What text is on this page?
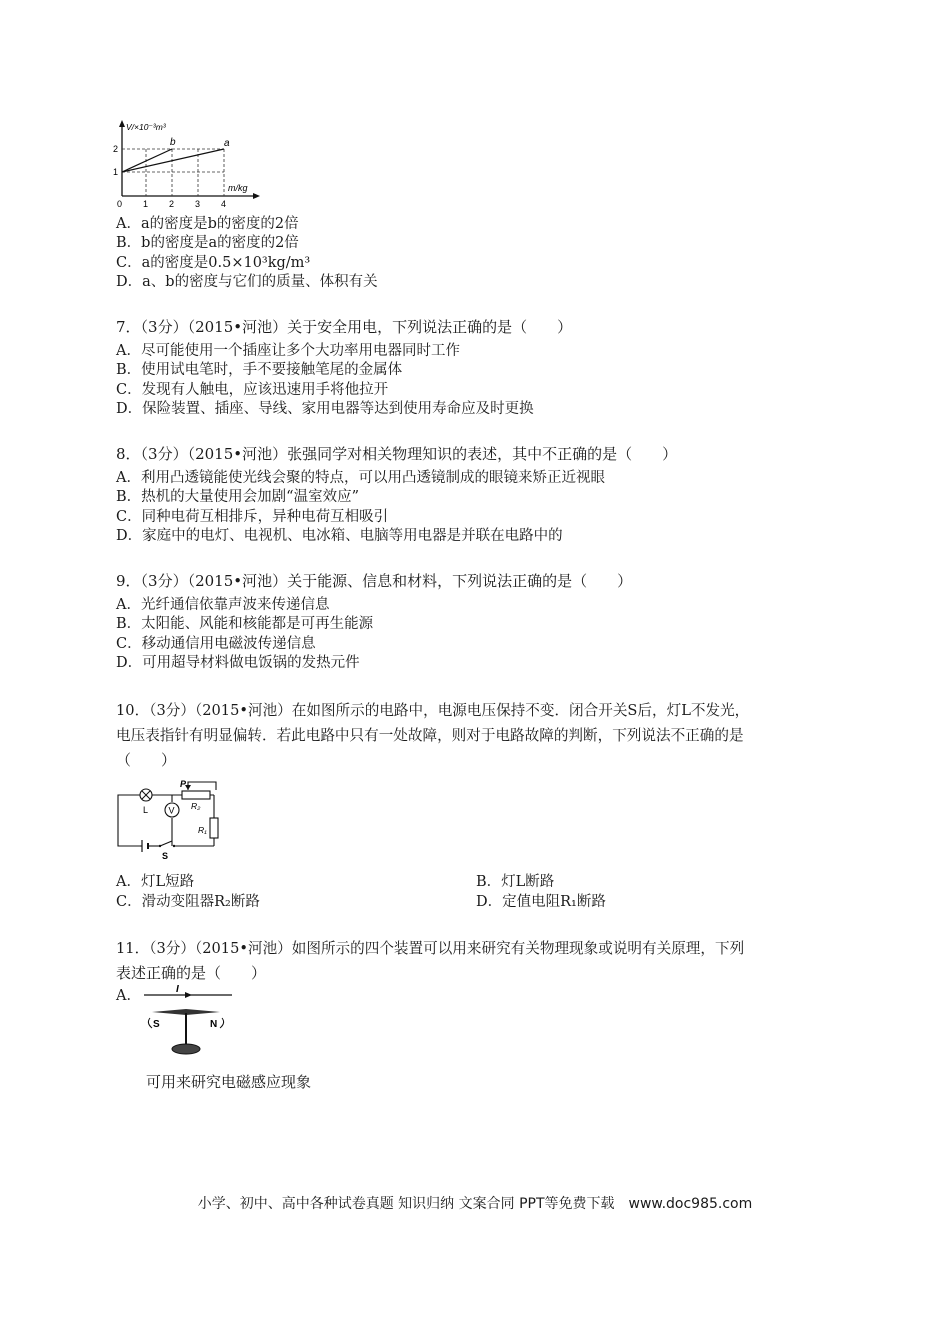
V/×10⁻³m³
m/kg
2
1
0 1 2 3 4
b	a
A．a的密度是b的密度的2倍
B．b的密度是a的密度的2倍
C．a的密度是0.5×10³kg/m³
D．a、b的密度与它们的质量、体积有关
7．（3分）（2015•河池）关于安全用电，下列说法正确的是（　　）
A．尽可能使用一个插座让多个大功率用电器同时工作
B．使用试电笔时，手不要接触笔尾的金属体
C．发现有人触电，应该迅速用手将他拉开
D．保险装置、插座、导线、家用电器等达到使用寿命应及时更换
8．（3分）（2015•河池）张强同学对相关物理知识的表述，其中不正确的是（　　）
A．利用凸透镜能使光线会聚的特点，可以用凸透镜制成的眼镜来矫正近视眼
B．热机的大量使用会加剧“温室效应”
C．同种电荷互相排斥，异种电荷互相吸引
D．家庭中的电灯、电视机、电冰箱、电脑等用电器是并联在电路中的
9．（3分）（2015•河池）关于能源、信息和材料，下列说法正确的是（　　）
A．光纤通信依靠声波来传递信息
B．太阳能、风能和核能都是可再生能源
C．移动通信用电磁波传递信息
D．可用超导材料做电饭锅的发热元件
10．（3分）（2015•河池）在如图所示的电路中，电源电压保持不变．闭合开关S后，灯L不发光，
电压表指针有明显偏转．若此电路中只有一处故障，则对于电路故障的判断，下列说法不正确的是
（　　）
L V
P
R₂
R₁
S
A．灯L短路	B．灯L断路
C．滑动变阻器R₂断路	D．定值电阻R₁断路
11．（3分）（2015•河池）如图所示的四个装置可以用来研究有关物理现象或说明有关原理，下列
表述正确的是（　　）
A．	I
S	N
可用来研究电磁感应现象
小学、初中、高中各种试卷真题 知识归纳 文案合同 PPT等免费下载　www.doc985.com
